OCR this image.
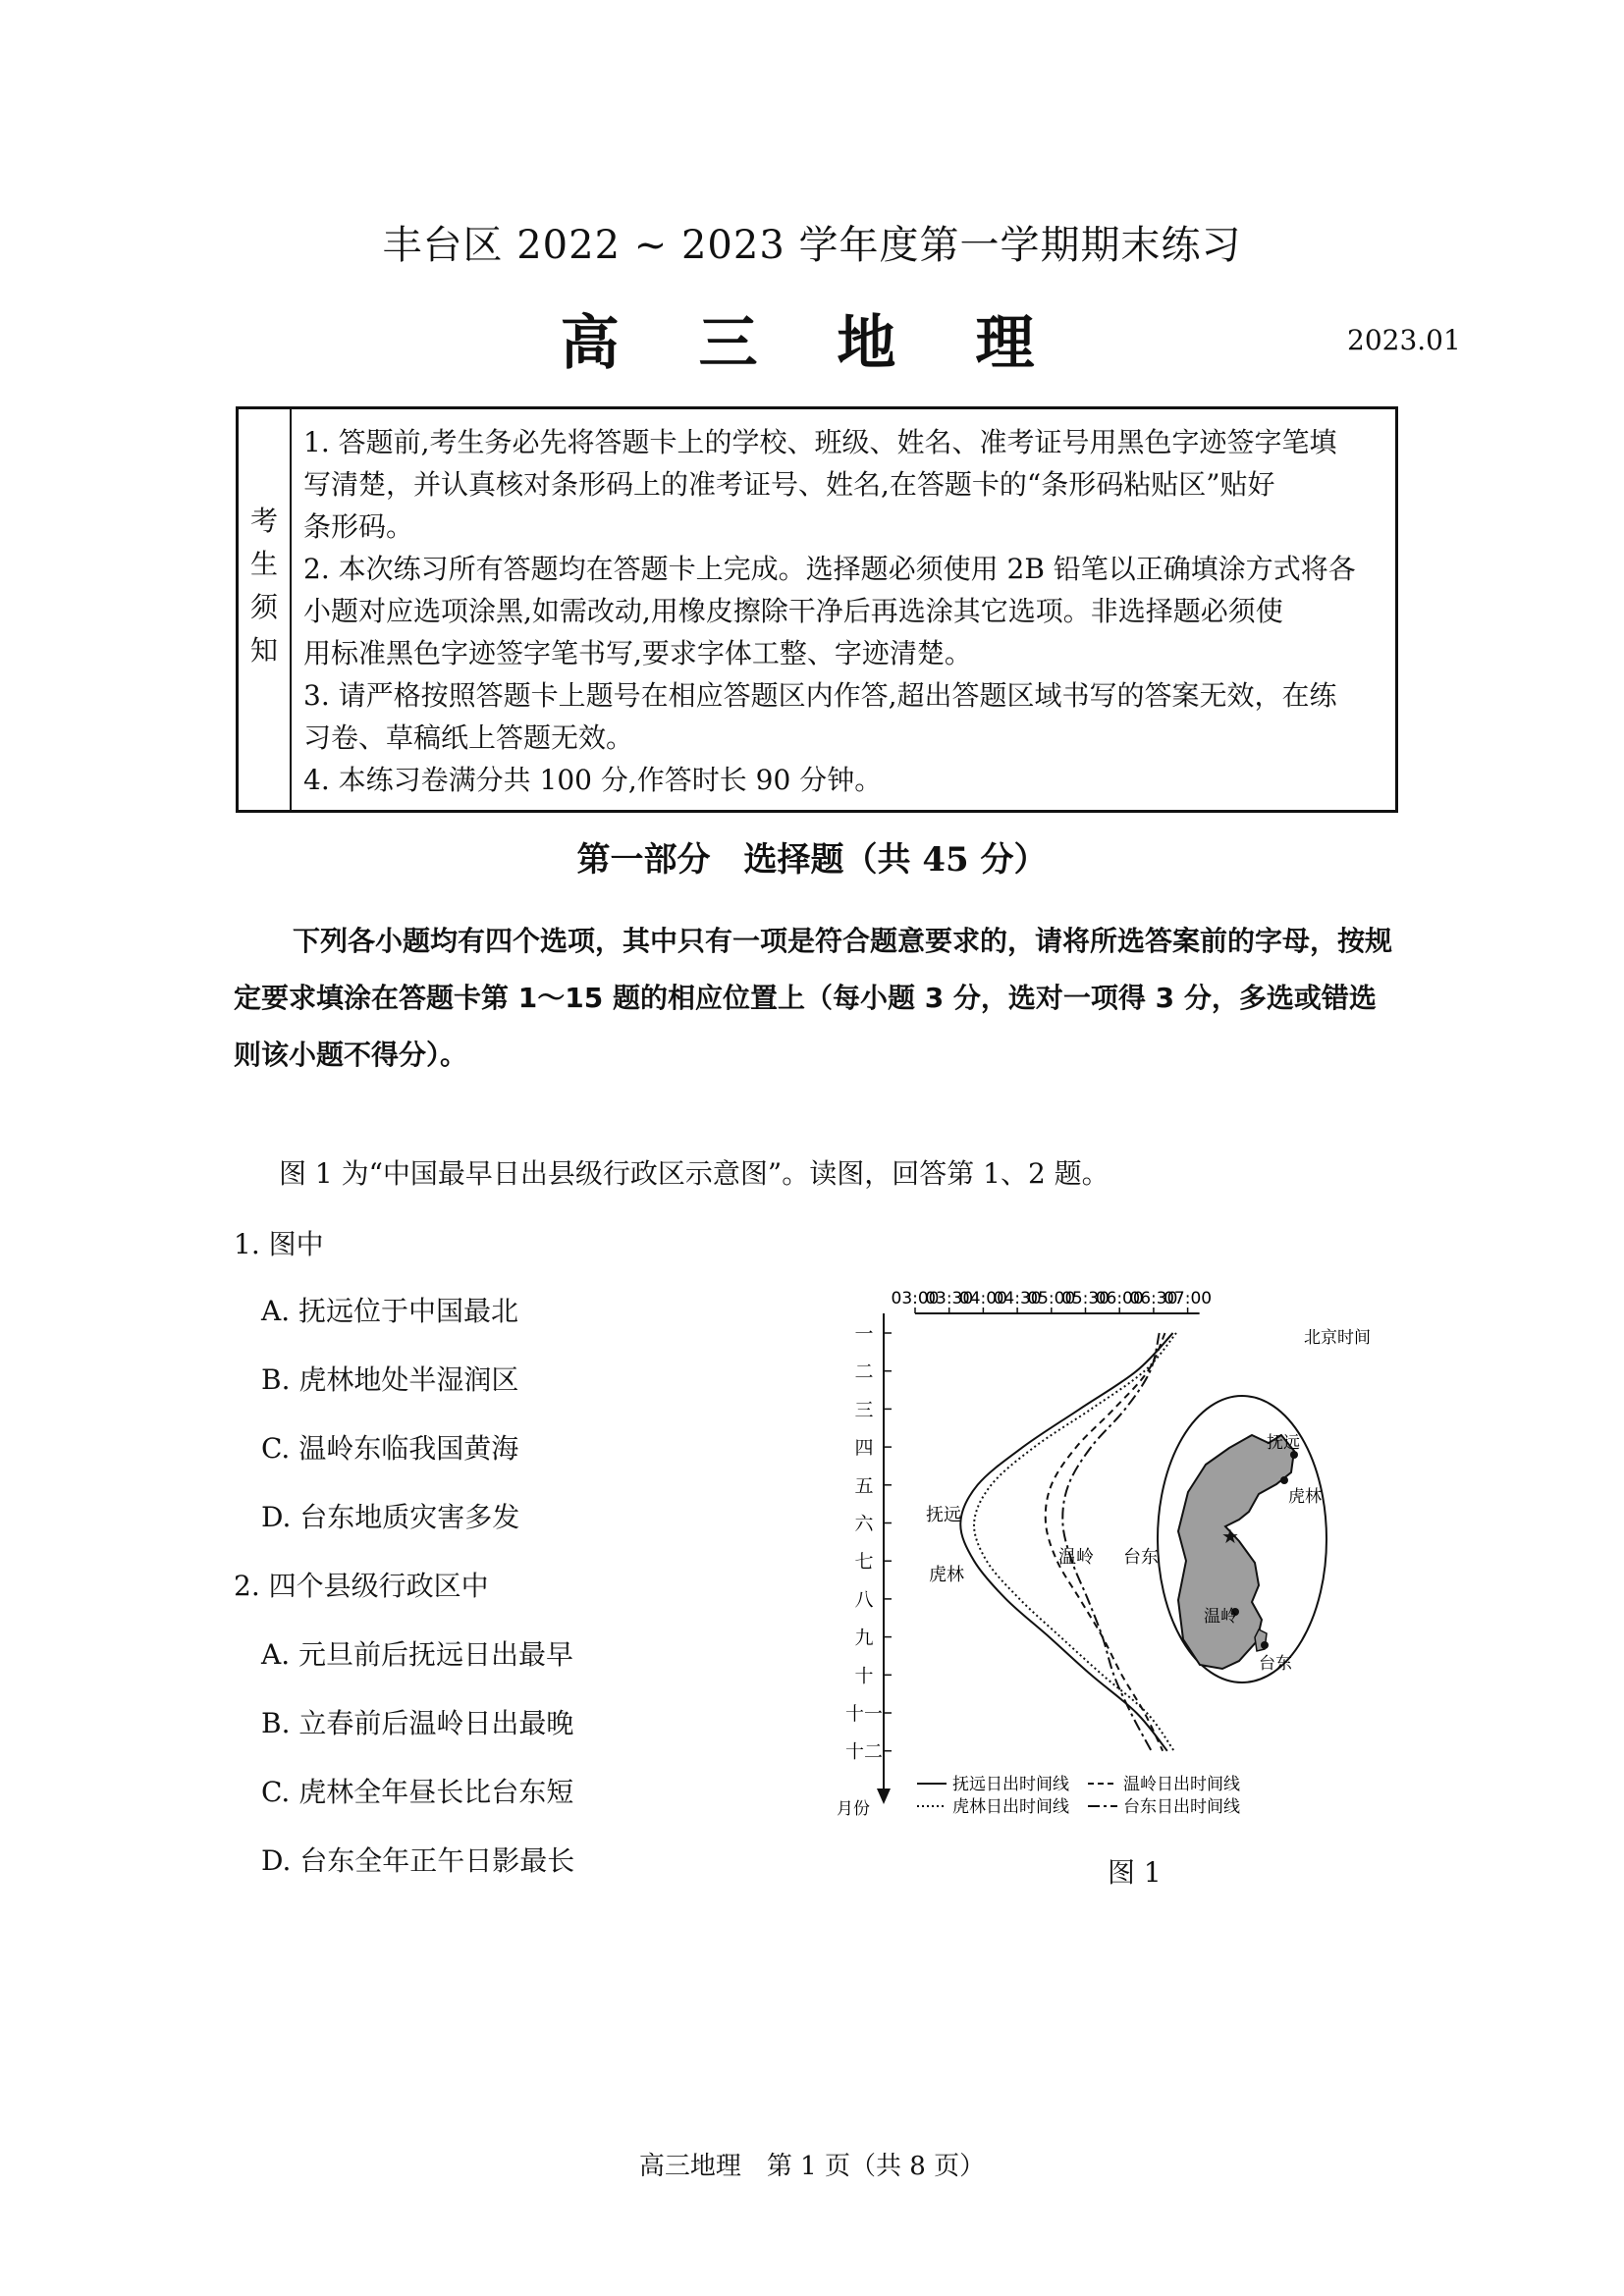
丰台区 2022 ~ 2023 学年度第一学期期末练习
高 三 地 理	2023.01
考
生
须
知
1. 答题前,考生务必先将答题卡上的学校、班级、姓名、准考证号用黑色字迹签字笔填
写清楚，并认真核对条形码上的准考证号、姓名,在答题卡的“条形码粘贴区”贴好
条形码。
2. 本次练习所有答题均在答题卡上完成。选择题必须使用 2B 铅笔以正确填涂方式将各
小题对应选项涂黑,如需改动,用橡皮擦除干净后再选涂其它选项。非选择题必须使
用标准黑色字迹签字笔书写,要求字体工整、字迹清楚。
3. 请严格按照答题卡上题号在相应答题区内作答,超出答题区域书写的答案无效，在练
习卷、草稿纸上答题无效。
4. 本练习卷满分共 100 分,作答时长 90 分钟。
第一部分　选择题（共 45 分）
下列各小题均有四个选项，其中只有一项是符合题意要求的，请将所选答案前的字母，按规定要求填涂在答题卡第 1～15 题的相应位置上（每小题 3 分，选对一项得 3 分，多选或错选则该小题不得分）。
图 1 为“中国最早日出县级行政区示意图”。读图，回答第 1、2 题。
1. 图中
A. 抚远位于中国最北
B. 虎林地处半湿润区
C. 温岭东临我国黄海
D. 台东地质灾害多发
2. 四个县级行政区中
A. 元旦前后抚远日出最早
B. 立春前后温岭日出最晚
C. 虎林全年昼长比台东短
D. 台东全年正午日影最长
03:00
03:30
04:00
04:30
05:00
05:30
06:00
06:30
07:00
一
二
三
四
五
六
七
八
九
十
十一
十二
★
抚远
虎林
温岭
台东
北京时间
月份
抚远
虎林
温岭 台东
抚远日出时间线
虎林日出时间线
温岭日出时间线
台东日出时间线
图 1
高三地理　第 1 页（共 8 页）
